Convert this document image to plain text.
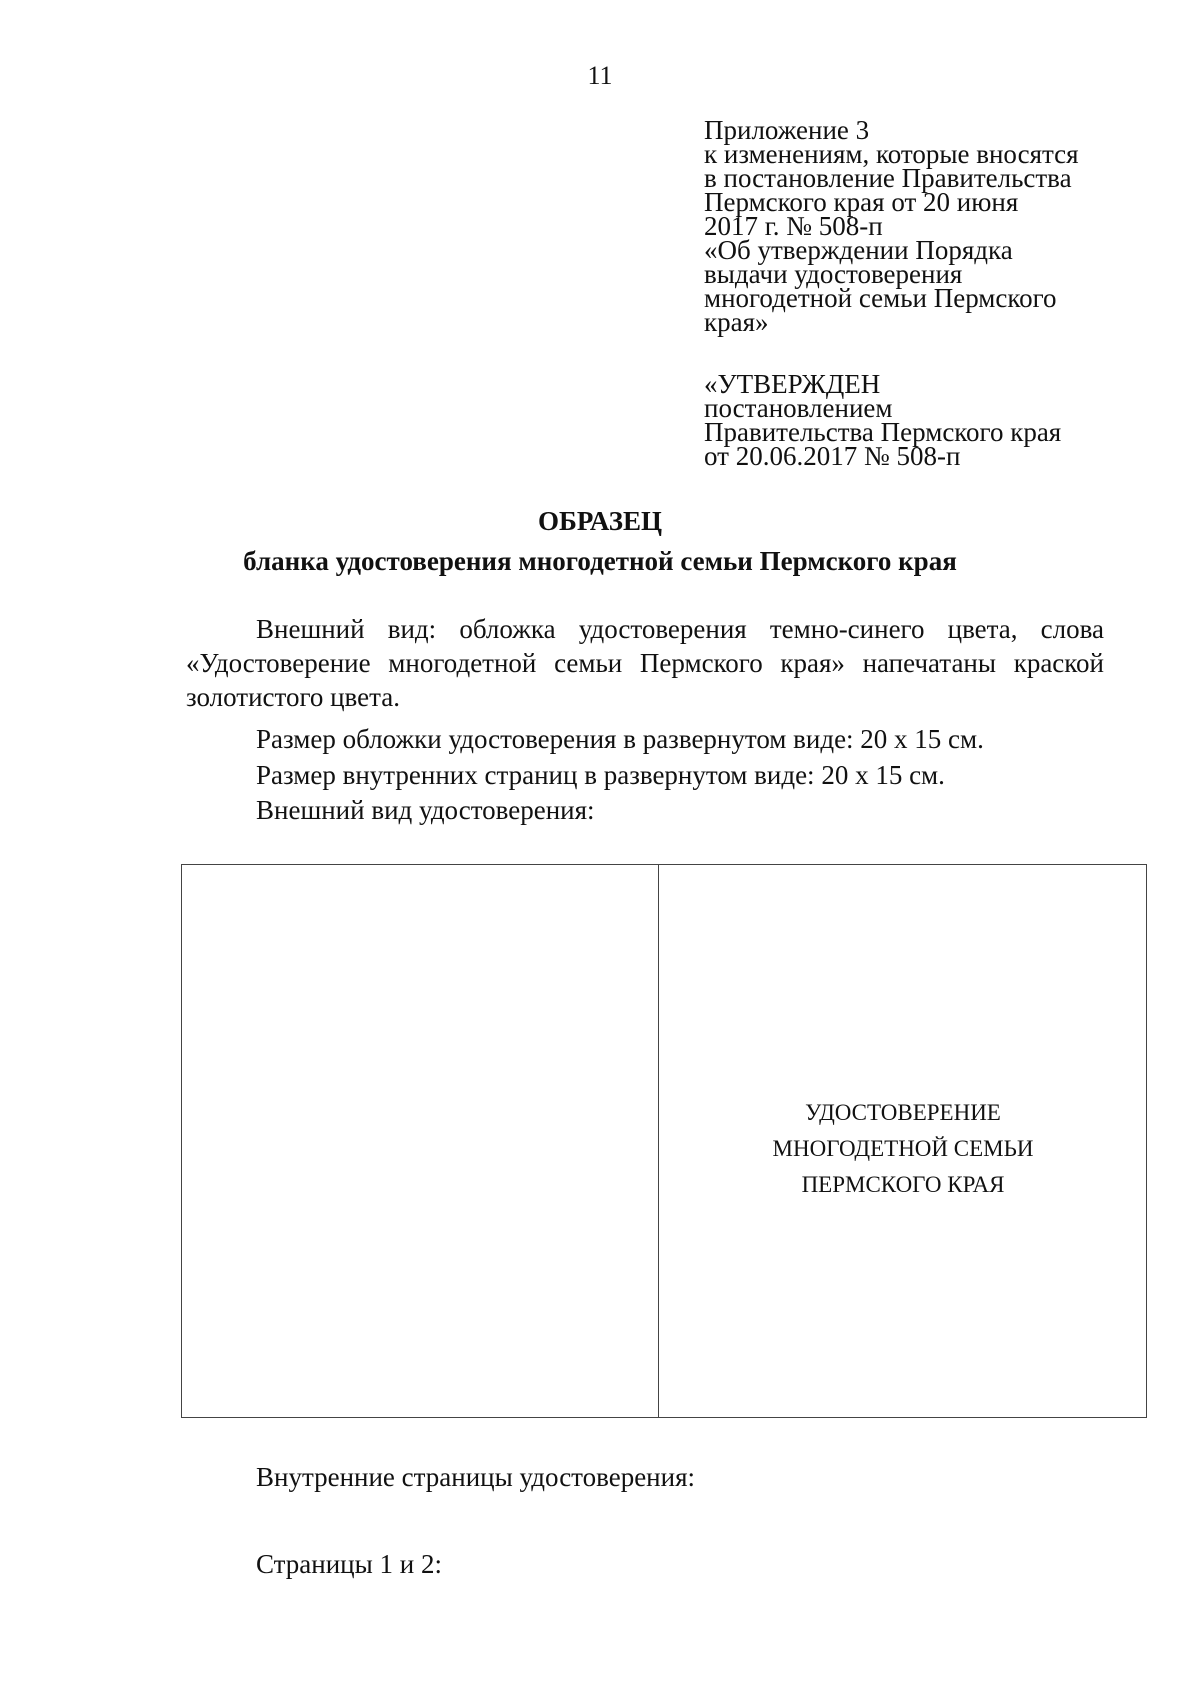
11
Приложение 3
к изменениям, которые вносятся
в постановление Правительства
Пермского края от 20 июня
2017 г. № 508-п
«Об утверждении Порядка
выдачи удостоверения
многодетной семьи Пермского
края»
«УТВЕРЖДЕН
постановлением
Правительства Пермского края
от 20.06.2017 № 508-п
ОБРАЗЕЦ
бланка удостоверения многодетной семьи Пермского края
Внешний вид: обложка удостоверения темно-синего цвета, слова «Удостоверение многодетной семьи Пермского края» напечатаны краской золотистого цвета.
Размер обложки удостоверения в развернутом виде: 20 х 15 см.
Размер внутренних страниц в развернутом виде: 20 х 15 см.
Внешний вид удостоверения:
УДОСТОВЕРЕНИЕ
МНОГОДЕТНОЙ СЕМЬИ
ПЕРМСКОГО КРАЯ
Внутренние страницы удостоверения:
Страницы 1 и 2:
